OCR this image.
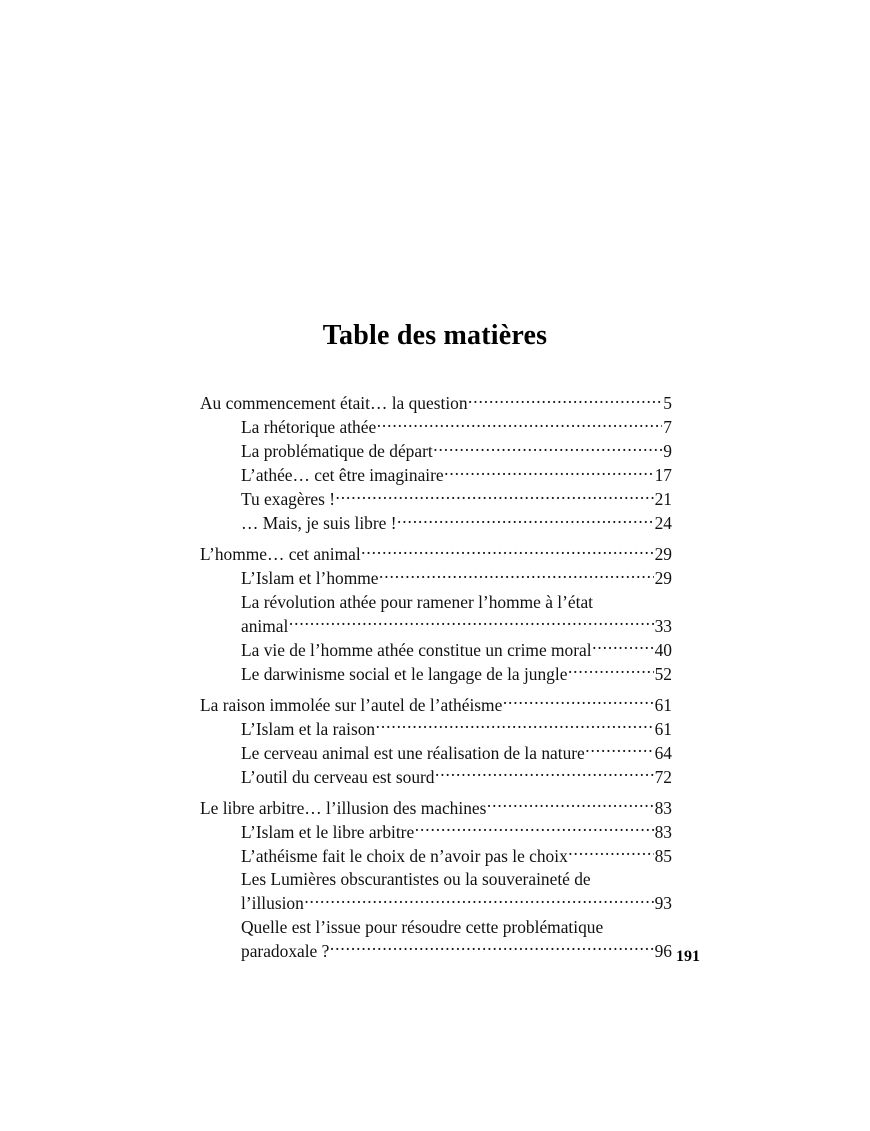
Table des matières
Au commencement était… la question .....	5
La rhétorique athée .....	7
La problématique de départ .....	9
L’athée… cet être imaginaire .....	17
Tu exagères ! .....	21
… Mais, je suis libre ! .....	24
L’homme… cet animal .....	29
L’Islam et l’homme .....	29
La révolution athée pour ramener l’homme à l’état
animal .....	33
La vie de l’homme athée constitue un crime moral .....	40
Le darwinisme social et le langage de la jungle .....	52
La raison immolée sur l’autel de l’athéisme .....	61
L’Islam et la raison .....	61
Le cerveau animal est une réalisation de la nature .....	64
L’outil du cerveau est sourd .....	72
Le libre arbitre… l’illusion des machines .....	83
L’Islam et le libre arbitre .....	83
L’athéisme fait le choix de n’avoir pas le choix .....	85
Les Lumières obscurantistes ou la souveraineté de
l’illusion .....	93
Quelle est l’issue pour résoudre cette problématique
paradoxale ? .....	96 191
